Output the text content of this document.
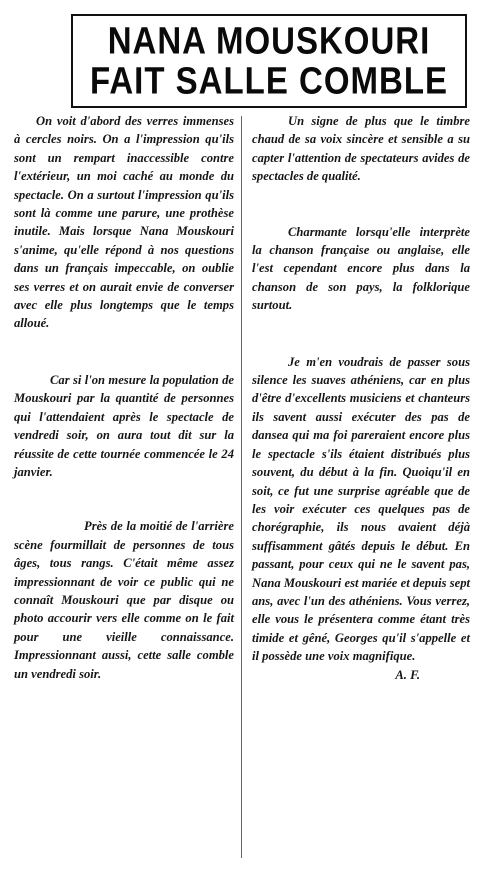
NANA MOUSKOURI
FAIT SALLE COMBLE

On voit d'abord des verres immenses à cercles noirs. On a l'impression qu'ils sont un rempart inaccessible contre l'extérieur, un moi caché au monde du spectacle. On a surtout l'impression qu'ils sont là comme une parure, une prothèse inutile. Mais lorsque Nana Mouskouri s'anime, qu'elle répond à nos questions dans un français impeccable, on oublie ses verres et on aurait envie de converser avec elle plus longtemps que le temps alloué.

Car si l'on mesure la population de Mouskouri par la quantité de personnes qui l'attendaient après le spectacle de vendredi soir, on aura tout dit sur la réussite de cette tournée commencée le 24 janvier.

Près de la moitié de l'arrière scène fourmillait de personnes de tous âges, tous rangs. C'était même assez impressionnant de voir ce public qui ne connaît Mouskouri que par disque ou photo accourir vers elle comme on le fait pour une vieille connaissance. Impressionnant aussi, cette salle comble un vendredi soir.

Un signe de plus que le timbre chaud de sa voix sincère et sensible a su capter l'attention de spectateurs avides de spectacles de qualité.

Charmante lorsqu'elle interprète la chanson française ou anglaise, elle l'est cependant encore plus dans la chanson de son pays, la folklorique surtout.

Je m'en voudrais de passer sous silence les suaves athéniens, car en plus d'être d'excellents musiciens et chanteurs ils savent aussi exécuter des pas de dansea qui ma foi pareraient encore plus le spectacle s'ils étaient distribués plus souvent, du début à la fin. Quoiqu'il en soit, ce fut une surprise agréable que de les voir exécuter ces quelques pas de chorégraphie, ils nous avaient déjà suffisamment gâtés depuis le début. En passant, pour ceux qui ne le savent pas, Nana Mouskouri est mariée et depuis sept ans, avec l'un des athéniens. Vous verrez, elle vous le présentera comme étant très timide et gêné, Georges qu'il s'appelle et il possède une voix magnifique.

A. F.
